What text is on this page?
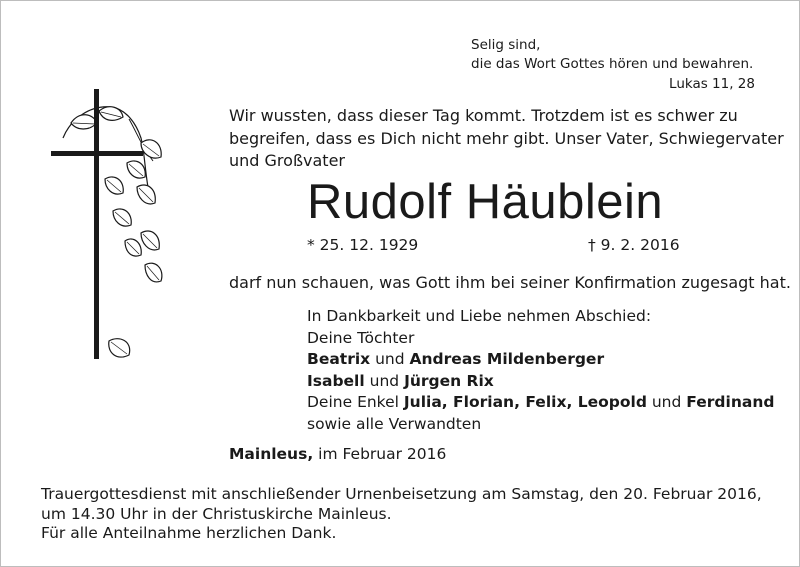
Selig sind,
die das Wort Gottes hören und bewahren.
Lukas 11, 28
Wir wussten, dass dieser Tag kommt. Trotzdem ist es schwer zu
begreifen, dass es Dich nicht mehr gibt. Unser Vater, Schwiegervater
und Großvater
Rudolf Häublein
* 25. 12. 1929	† 9. 2. 2016
darf nun schauen, was Gott ihm bei seiner Konfirmation zugesagt hat.
In Dankbarkeit und Liebe nehmen Abschied:
Deine Töchter
Beatrix und Andreas Mildenberger
Isabell und Jürgen Rix
Deine Enkel Julia, Florian, Felix, Leopold und Ferdinand
sowie alle Verwandten
Mainleus, im Februar 2016
Trauergottesdienst mit anschließender Urnenbeisetzung am Samstag, den 20. Februar 2016,
um 14.30 Uhr in der Christuskirche Mainleus.
Für alle Anteilnahme herzlichen Dank.
